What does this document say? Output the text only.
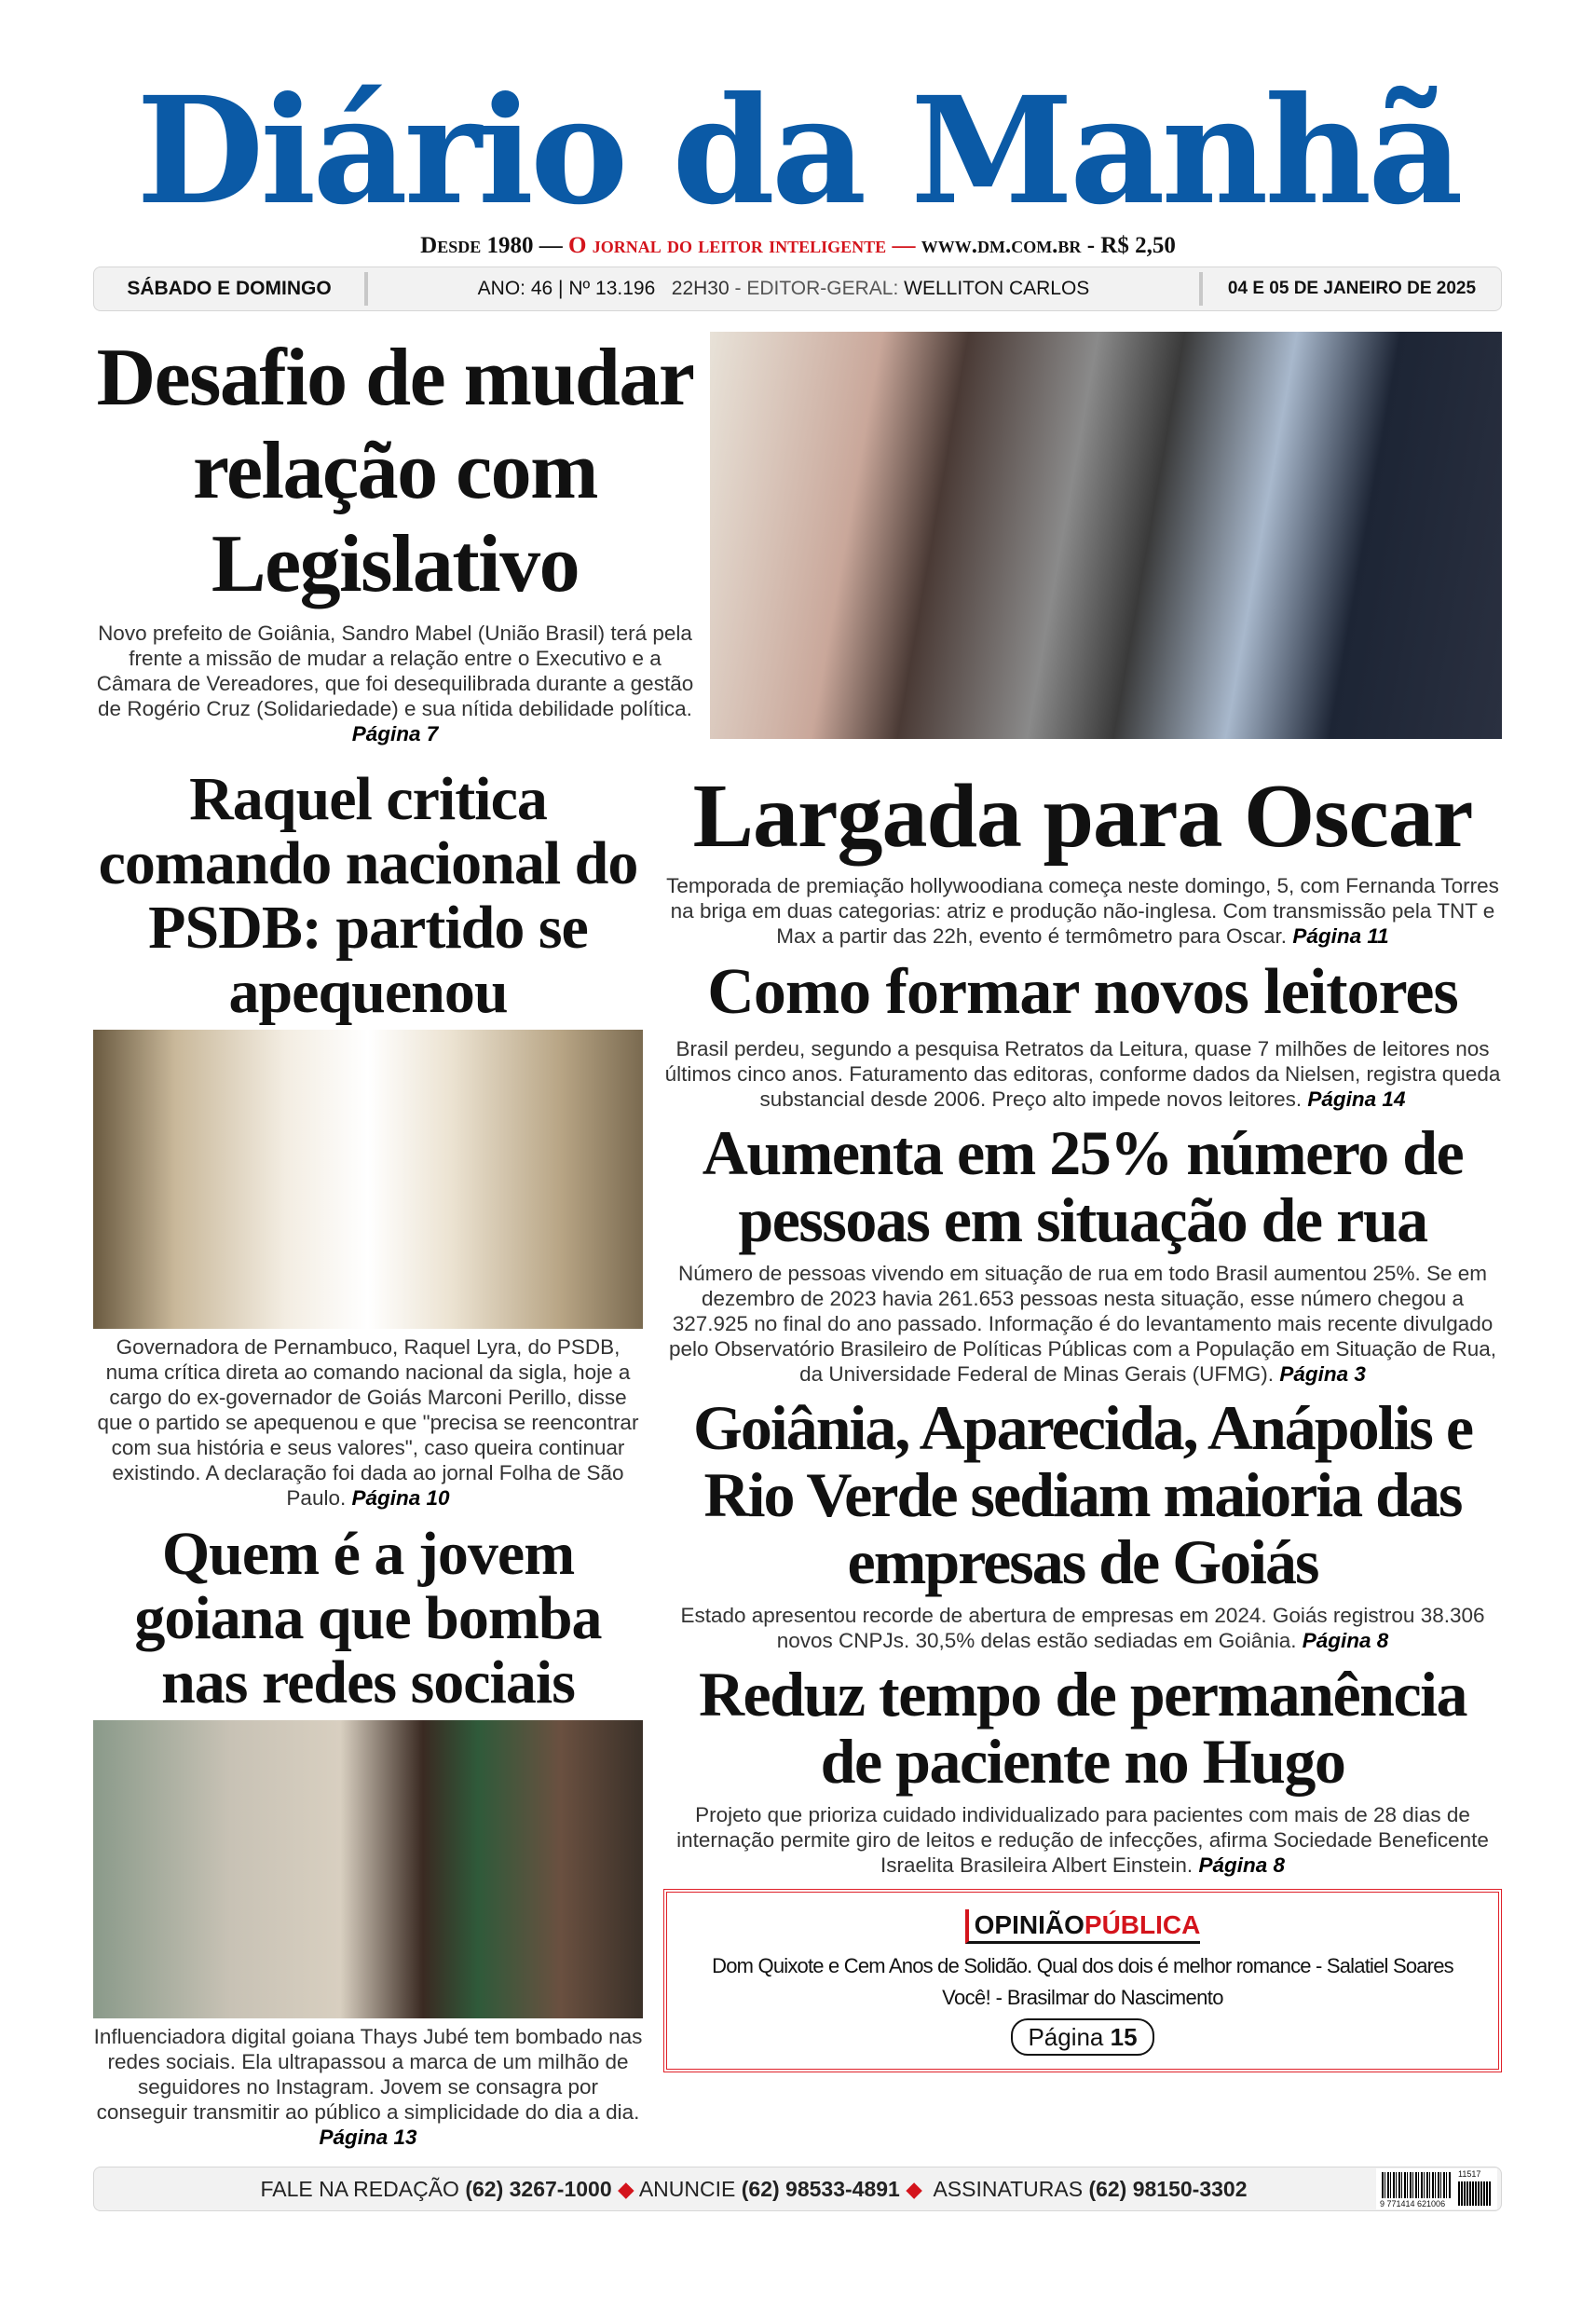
Diário da Manhã
Desde 1980 — O jornal do leitor inteligente — www.dm.com.br - R$ 2,50
SÁBADO E DOMINGO	ANO: 46 | Nº 13.196 22H30 - EDITOR-GERAL: WELLITON CARLOS	04 E 05 DE JANEIRO DE 2025
Desafio de mudar relação com Legislativo
Novo prefeito de Goiânia, Sandro Mabel (União Brasil) terá pela frente a missão de mudar a relação entre o Executivo e a Câmara de Vereadores, que foi desequilibrada durante a gestão de Rogério Cruz (Solidariedade) e sua nítida debilidade política. Página 7
Raquel critica comando nacional do PSDB: partido se apequenou
Governadora de Pernambuco, Raquel Lyra, do PSDB, numa crítica direta ao comando nacional da sigla, hoje a cargo do ex-governador de Goiás Marconi Perillo, disse que o partido se apequenou e que "precisa se reencontrar com sua história e seus valores", caso queira continuar existindo. A declaração foi dada ao jornal Folha de São Paulo. Página 10
Quem é a jovem goiana que bomba nas redes sociais
Influenciadora digital goiana Thays Jubé tem bombado nas redes sociais. Ela ultrapassou a marca de um milhão de seguidores no Instagram. Jovem se consagra por conseguir transmitir ao público a simplicidade do dia a dia. Página 13
Largada para Oscar
Temporada de premiação hollywoodiana começa neste domingo, 5, com Fernanda Torres na briga em duas categorias: atriz e produção não-inglesa. Com transmissão pela TNT e Max a partir das 22h, evento é termômetro para Oscar. Página 11
Como formar novos leitores
Brasil perdeu, segundo a pesquisa Retratos da Leitura, quase 7 milhões de leitores nos últimos cinco anos. Faturamento das editoras, conforme dados da Nielsen, registra queda substancial desde 2006. Preço alto impede novos leitores. Página 14
Aumenta em 25% número de pessoas em situação de rua
Número de pessoas vivendo em situação de rua em todo Brasil aumentou 25%. Se em dezembro de 2023 havia 261.653 pessoas nesta situação, esse número chegou a 327.925 no final do ano passado. Informação é do levantamento mais recente divulgado pelo Observatório Brasileiro de Políticas Públicas com a População em Situação de Rua, da Universidade Federal de Minas Gerais (UFMG). Página 3
Goiânia, Aparecida, Anápolis e Rio Verde sediam maioria das empresas de Goiás
Estado apresentou recorde de abertura de empresas em 2024. Goiás registrou 38.306 novos CNPJs. 30,5% delas estão sediadas em Goiânia. Página 8
Reduz tempo de permanência de paciente no Hugo
Projeto que prioriza cuidado individualizado para pacientes com mais de 28 dias de internação permite giro de leitos e redução de infecções, afirma Sociedade Beneficente Israelita Brasileira Albert Einstein. Página 8
OPINIÃOPÚBLICA
Dom Quixote e Cem Anos de Solidão. Qual dos dois é melhor romance - Salatiel Soares
Você! - Brasilmar do Nascimento
Página 15
FALE NA REDAÇÃO (62) 3267-1000 ◆ ANUNCIE (62) 98533-4891 ◆ ASSINATURAS (62) 98150-3302
11517
9 771414 621006
